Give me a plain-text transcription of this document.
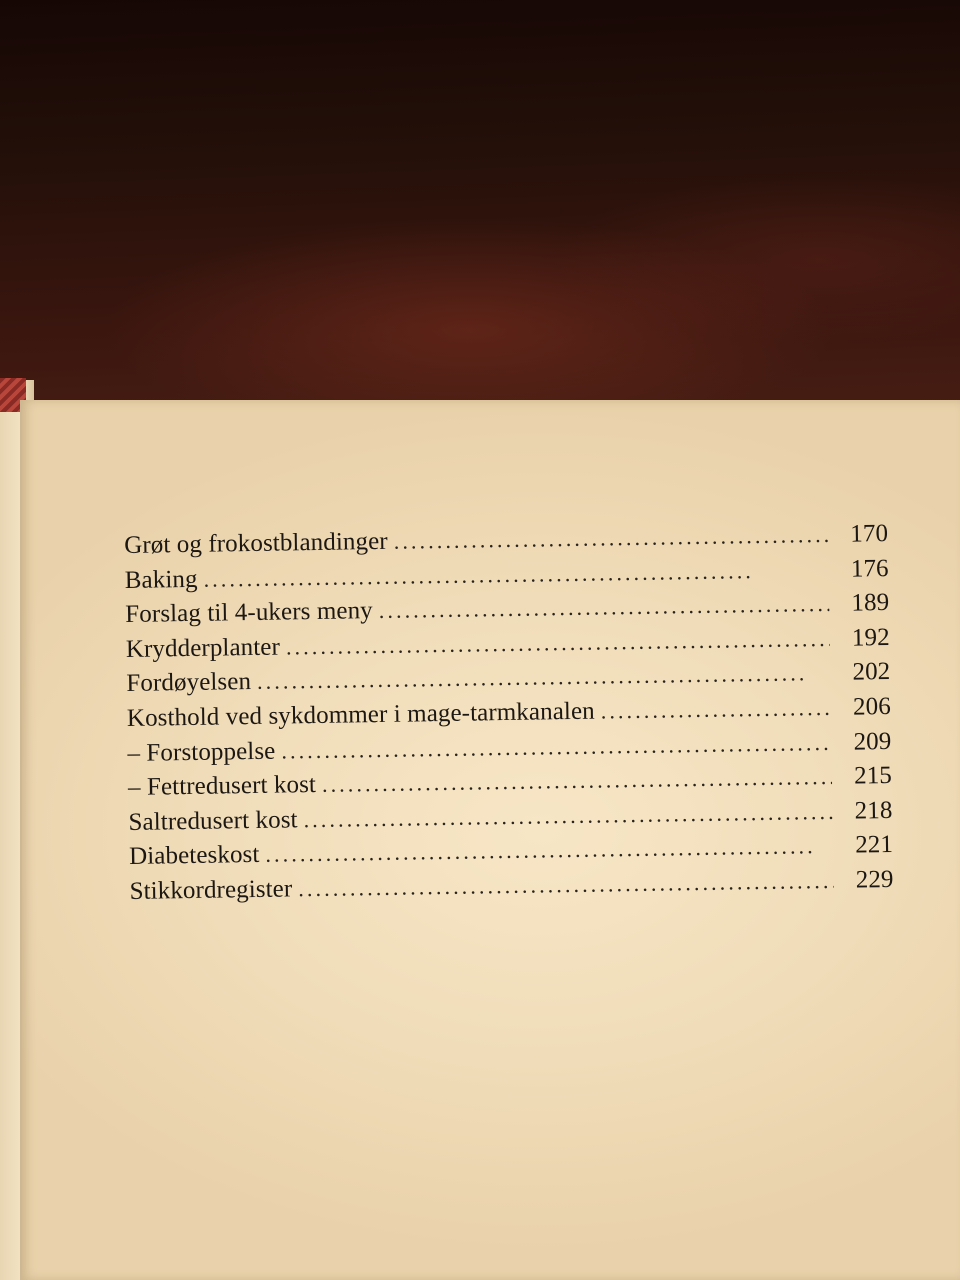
Grøt og frokostblandinger . . .	170
Baking . . .	176
Forslag til 4-ukers meny . . .	189
Krydderplanter . . .	192
Fordøyelsen . . .	202
Kosthold ved sykdommer i mage-tarmkanalen . . .	206
– Forstoppelse . . .	209
– Fettredusert kost . . .	215
Saltredusert kost . . .	218
Diabeteskost . . .	221
Stikkordregister . . .	229
